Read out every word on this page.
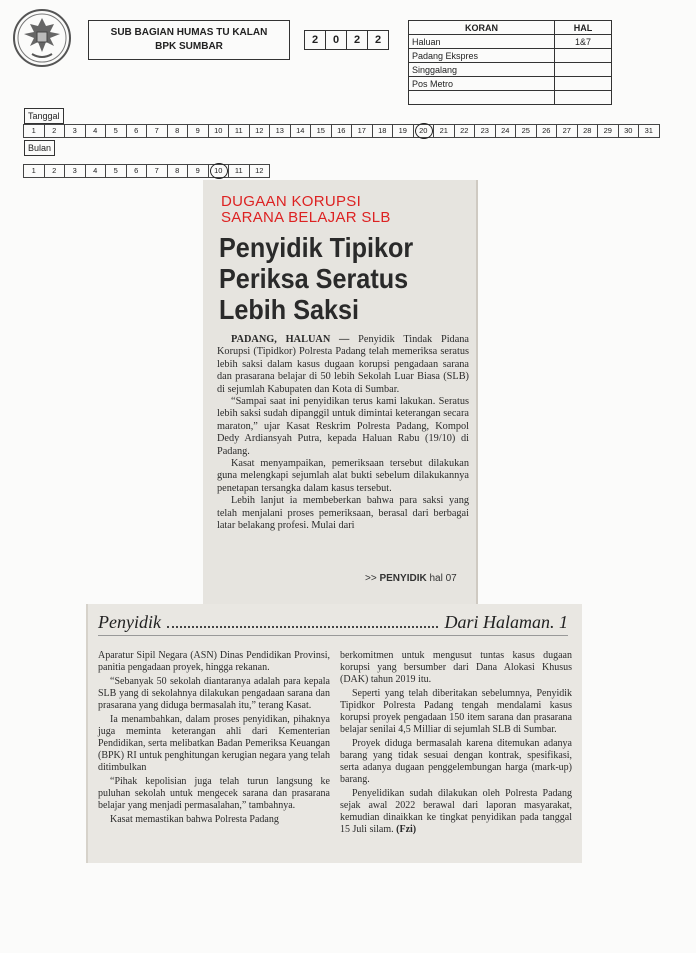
SUB BAGIAN HUMAS TU KALAN
BPK SUMBAR
2	0	2	2
KORAN	HAL
Haluan	1&7
Padang Ekspres	
Singgalang	
Pos Metro	

Tanggal
1	2	3	4	5	6	7	8	9	10	11	12	13	14	15	16	17	18	19	20	21	22	23	24	25	26	27	28	29	30	31
Bulan
1	2	3	4	5	6	7	8	9	10	11	12
DUGAAN KORUPSI
SARANA BELAJAR SLB
Penyidik Tipikor
Periksa Seratus
Lebih Saksi

PADANG, HALUAN — Penyidik Tindak Pidana Korupsi (Tipidkor) Polresta Padang telah memeriksa seratus lebih saksi dalam kasus dugaan korupsi pengadaan sarana dan prasarana belajar di 50 lebih Sekolah Luar Biasa (SLB) di sejumlah Kabupaten dan Kota di Sumbar.

“Sampai saat ini penyidikan terus kami lakukan. Seratus lebih saksi sudah dipanggil untuk dimintai keterangan secara maraton,” ujar Kasat Reskrim Polresta Padang, Kompol Dedy Ardiansyah Putra, kepada Haluan Rabu (19/10) di Padang.

Kasat menyampaikan, pemeriksaan tersebut dilakukan guna melengkapi sejumlah alat bukti sebelum dilakukannya penetapan tersangka dalam kasus tersebut.

Lebih lanjut ia membeberkan bahwa para saksi yang telah menjalani proses pemeriksaan, berasal dari berbagai latar belakang profesi. Mulai dari

>> PENYIDIK hal 07
Penyidik	Dari Halaman. 1

Aparatur Sipil Negara (ASN) Dinas Pendidikan Provinsi, panitia pengadaan proyek, hingga rekanan.

“Sebanyak 50 sekolah diantaranya adalah para kepala SLB yang di sekolahnya dilakukan pengadaan sarana dan prasarana yang diduga bermasalah itu,” terang Kasat.

Ia menambahkan, dalam proses penyidikan, pihaknya juga meminta keterangan ahli dari Kementerian Pendidikan, serta melibatkan Badan Pemeriksa Keuangan (BPK) RI untuk penghitungan kerugian negara yang telah ditimbulkan

“Pihak kepolisian juga telah turun langsung ke puluhan sekolah untuk mengecek sarana dan prasarana belajar yang menjadi permasalahan,” tambahnya.

Kasat memastikan bahwa Polresta Padang

berkomitmen untuk mengusut tuntas kasus dugaan korupsi yang bersumber dari Dana Alokasi Khusus (DAK) tahun 2019 itu.

Seperti yang telah diberitakan sebelumnya, Penyidik Tipidkor Polresta Padang tengah mendalami kasus korupsi proyek pengadaan 150 item sarana dan prasarana belajar senilai 4,5 Milliar di sejumlah SLB di Sumbar.

Proyek diduga bermasalah karena ditemukan adanya barang yang tidak sesuai dengan kontrak, spesifikasi, serta adanya dugaan penggelembungan harga (mark-up) barang.

Penyelidikan sudah dilakukan oleh Polresta Padang sejak awal 2022 berawal dari laporan masyarakat, kemudian dinaikkan ke tingkat penyidikan pada tanggal 15 Juli silam. (Fzi)
